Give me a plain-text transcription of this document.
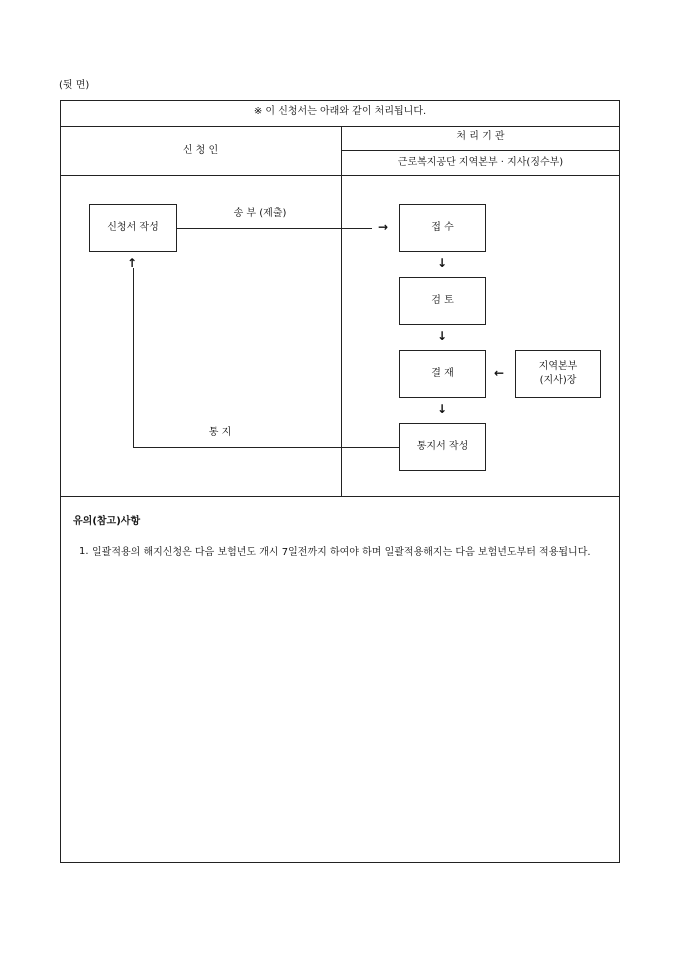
(뒷 면)
※ 이 신청서는 아래와 같이 처리됩니다.
신 청 인
처 리 기 관
근로복지공단 지역본부 · 지사(징수부)
신청서 작성
송 부 (제출)
→	접 수
↓
검 토
↓
결 재	←	지역본부
(지사)장
↓
통지서 작성
↑
통 지
유의(참고)사항
1. 일괄적용의 해지신청은 다음 보험년도 개시 7일전까지 하여야 하며 일괄적용해지는 다음 보험년도부터 적용됩니다.
